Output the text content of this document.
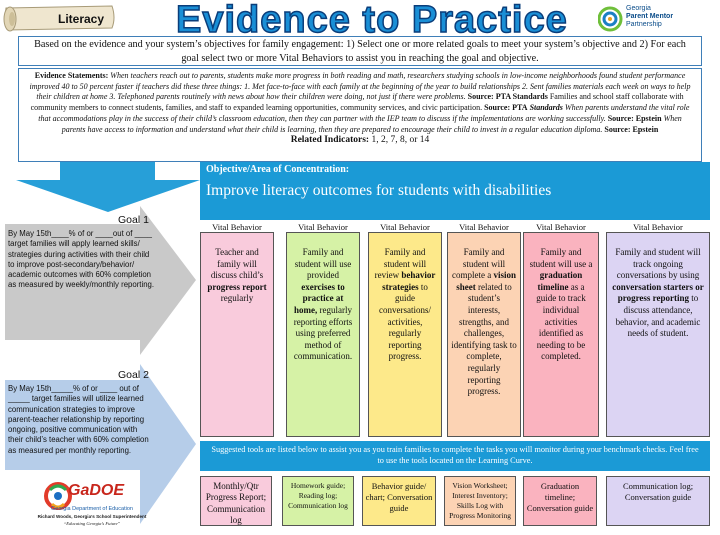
Literacy Evidence to Practice	Georgia
Parent Mentor
Partnership
Based on the evidence and your system’s objectives for family engagement: 1) Select one or more related goals to meet your system’s objective and 2) For each goal select two or more Vital Behaviors to assist you in reaching the goal and objective.
Evidence Statements: When teachers reach out to parents, students make more progress in both reading and math, researchers studying schools in low-income neighborhoods found student performance improved 40 to 50 percent faster if teachers did these three things: 1. Met face-to-face with each family at the beginning of the year to build relationships 2. Sent families materials each week on ways to help their children at home 3. Telephoned parents routinely with news about how their children were doing, not just if there were problems. Source: PTA Standards Families and school staff collaborate with community members to connect students, families, and staff to expanded learning opportunities, community services, and civic participation. Source: PTA Standards When parents understand the vital role that accommodations play in the success of their child’s classroom education, then they can partner with the IEP team to discuss if the implementations are working successfully. Source: Epstein When parents have access to information and understand what their child is learning, then they are prepared to encourage their child to invest in a regular education diploma. Source: Epstein
Related Indicators: 1, 2, 7, 8, or 14
Goal 1
By May 15th____% of or ____out of ____
target families will apply learned skills/
strategies during activities with their child
to improve post-secondary/behavior/
academic outcomes with 60% completion
as measured by weekly/monthly reporting.
Goal 2
By May 15th_____% of or ____ out of
_____ target families will utilize learned
communication strategies to improve
parent-teacher relationship by reporting
ongoing, positive communication with
their child’s teacher with 60% completion
as measured per monthly reporting.
Objective/Area of Concentration:
Improve literacy outcomes for students with disabilities
Vital Behavior
Teacher and family will discuss child’s progress report regularly
Vital Behavior
Family and student will use provided exercises to practice at home, regularly reporting efforts using preferred method of communication.
Vital Behavior
Family and student will review behavior strategies to guide conversations/ activities, regularly reporting progress.
Vital Behavior
Family and student will complete a vision sheet related to student’s interests, strengths, and challenges, identifying task to complete, regularly reporting progress.
Vital Behavior
Family and student will use a graduation timeline as a guide to track individual activities identified as needing to be completed.
Vital Behavior
Family and student will track ongoing conversations by using conversation starters or progress reporting to discuss attendance, behavior, and academic needs of student.
Suggested tools are listed below to assist you as you train families to complete the tasks you will monitor during your benchmark checks. Feel free to use the tools located on the Learning Curve.
Monthly/Qtr Progress Report; Communication log
Homework guide; Reading log; Communication log
Behavior guide/ chart; Conversation guide
Vision Worksheet; Interest Inventory; Skills Log with Progress Monitoring
Graduation timeline; Conversation guide
Communication log; Conversation guide
GaDOE
Georgia Department of Education
Richard Woods, Georgia’s School Superintendent
“Educating Georgia’s Future”
